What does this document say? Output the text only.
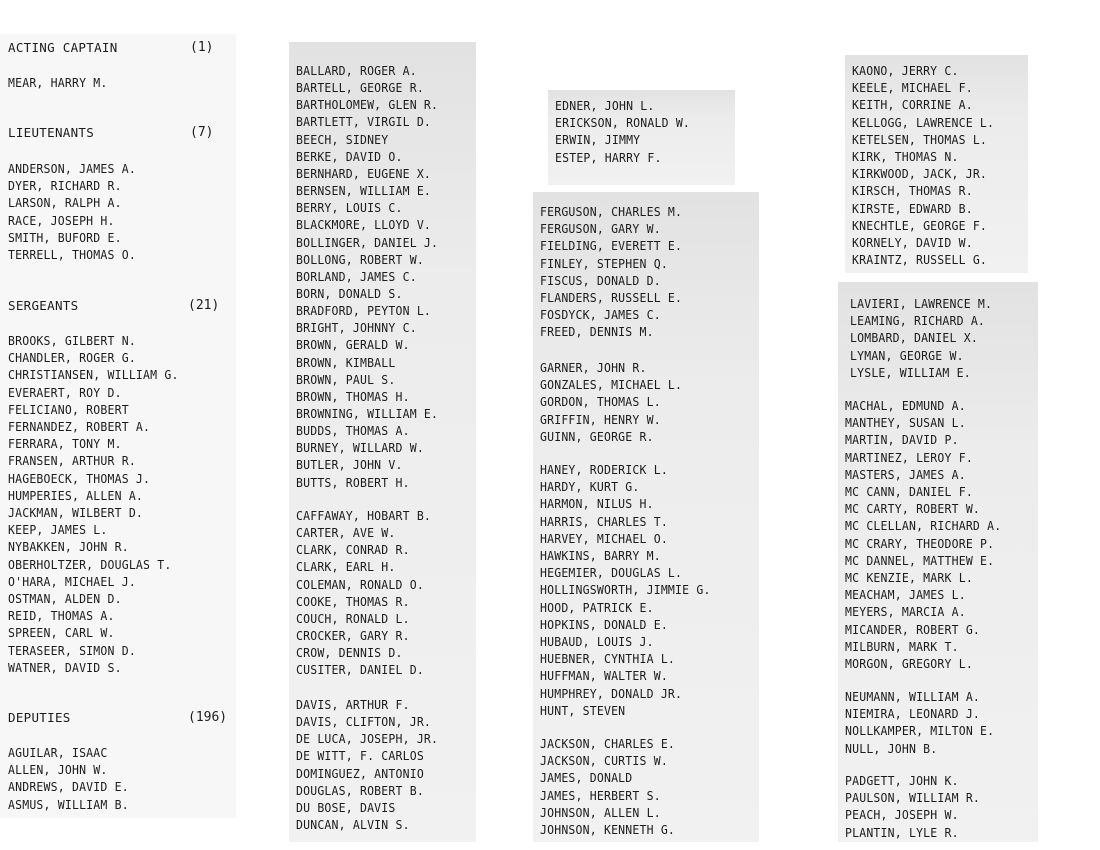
ACTING CAPTAIN	(1)
MEAR, HARRY M.
LIEUTENANTS	(7)
ANDERSON, JAMES A.
DYER, RICHARD R.
LARSON, RALPH A.
RACE, JOSEPH H.
SMITH, BUFORD E.
TERRELL, THOMAS O.
SERGEANTS	(21)
BROOKS, GILBERT N.
CHANDLER, ROGER G.
CHRISTIANSEN, WILLIAM G.
EVERAERT, ROY D.
FELICIANO, ROBERT
FERNANDEZ, ROBERT A.
FERRARA, TONY M.
FRANSEN, ARTHUR R.
HAGEBOECK, THOMAS J.
HUMPERIES, ALLEN A.
JACKMAN, WILBERT D.
KEEP, JAMES L.
NYBAKKEN, JOHN R.
OBERHOLTZER, DOUGLAS T.
O'HARA, MICHAEL J.
OSTMAN, ALDEN D.
REID, THOMAS A.
SPREEN, CARL W.
TERASEER, SIMON D.
WATNER, DAVID S.
DEPUTIES	(196)
AGUILAR, ISAAC
ALLEN, JOHN W.
ANDREWS, DAVID E.
ASMUS, WILLIAM B.
BALLARD, ROGER A.
BARTELL, GEORGE R.
BARTHOLOMEW, GLEN R.
BARTLETT, VIRGIL D.
BEECH, SIDNEY
BERKE, DAVID O.
BERNHARD, EUGENE X.
BERNSEN, WILLIAM E.
BERRY, LOUIS C.
BLACKMORE, LLOYD V.
BOLLINGER, DANIEL J.
BOLLONG, ROBERT W.
BORLAND, JAMES C.
BORN, DONALD S.
BRADFORD, PEYTON L.
BRIGHT, JOHNNY C.
BROWN, GERALD W.
BROWN, KIMBALL
BROWN, PAUL S.
BROWN, THOMAS H.
BROWNING, WILLIAM E.
BUDDS, THOMAS A.
BURNEY, WILLARD W.
BUTLER, JOHN V.
BUTTS, ROBERT H.
CAFFAWAY, HOBART B.
CARTER, AVE W.
CLARK, CONRAD R.
CLARK, EARL H.
COLEMAN, RONALD O.
COOKE, THOMAS R.
COUCH, RONALD L.
CROCKER, GARY R.
CROW, DENNIS D.
CUSITER, DANIEL D.
DAVIS, ARTHUR F.
DAVIS, CLIFTON, JR.
DE LUCA, JOSEPH, JR.
DE WITT, F. CARLOS
DOMINGUEZ, ANTONIO
DOUGLAS, ROBERT B.
DU BOSE, DAVIS
DUNCAN, ALVIN S.
EDNER, JOHN L.
ERICKSON, RONALD W.
ERWIN, JIMMY
ESTEP, HARRY F.
FERGUSON, CHARLES M.
FERGUSON, GARY W.
FIELDING, EVERETT E.
FINLEY, STEPHEN Q.
FISCUS, DONALD D.
FLANDERS, RUSSELL E.
FOSDYCK, JAMES C.
FREED, DENNIS M.
GARNER, JOHN R.
GONZALES, MICHAEL L.
GORDON, THOMAS L.
GRIFFIN, HENRY W.
GUINN, GEORGE R.
HANEY, RODERICK L.
HARDY, KURT G.
HARMON, NILUS H.
HARRIS, CHARLES T.
HARVEY, MICHAEL O.
HAWKINS, BARRY M.
HEGEMIER, DOUGLAS L.
HOLLINGSWORTH, JIMMIE G.
HOOD, PATRICK E.
HOPKINS, DONALD E.
HUBAUD, LOUIS J.
HUEBNER, CYNTHIA L.
HUFFMAN, WALTER W.
HUMPHREY, DONALD JR.
HUNT, STEVEN
JACKSON, CHARLES E.
JACKSON, CURTIS W.
JAMES, DONALD
JAMES, HERBERT S.
JOHNSON, ALLEN L.
JOHNSON, KENNETH G.
KAONO, JERRY C.
KEELE, MICHAEL F.
KEITH, CORRINE A.
KELLOGG, LAWRENCE L.
KETELSEN, THOMAS L.
KIRK, THOMAS N.
KIRKWOOD, JACK, JR.
KIRSCH, THOMAS R.
KIRSTE, EDWARD B.
KNECHTLE, GEORGE F.
KORNELY, DAVID W.
KRAINTZ, RUSSELL G.
LAVIERI, LAWRENCE M.
LEAMING, RICHARD A.
LOMBARD, DANIEL X.
LYMAN, GEORGE W.
LYSLE, WILLIAM E.
MACHAL, EDMUND A.
MANTHEY, SUSAN L.
MARTIN, DAVID P.
MARTINEZ, LEROY F.
MASTERS, JAMES A.
MC CANN, DANIEL F.
MC CARTY, ROBERT W.
MC CLELLAN, RICHARD A.
MC CRARY, THEODORE P.
MC DANNEL, MATTHEW E.
MC KENZIE, MARK L.
MEACHAM, JAMES L.
MEYERS, MARCIA A.
MICANDER, ROBERT G.
MILBURN, MARK T.
MORGON, GREGORY L.
NEUMANN, WILLIAM A.
NIEMIRA, LEONARD J.
NOLLKAMPER, MILTON E.
NULL, JOHN B.
PADGETT, JOHN K.
PAULSON, WILLIAM R.
PEACH, JOSEPH W.
PLANTIN, LYLE R.
